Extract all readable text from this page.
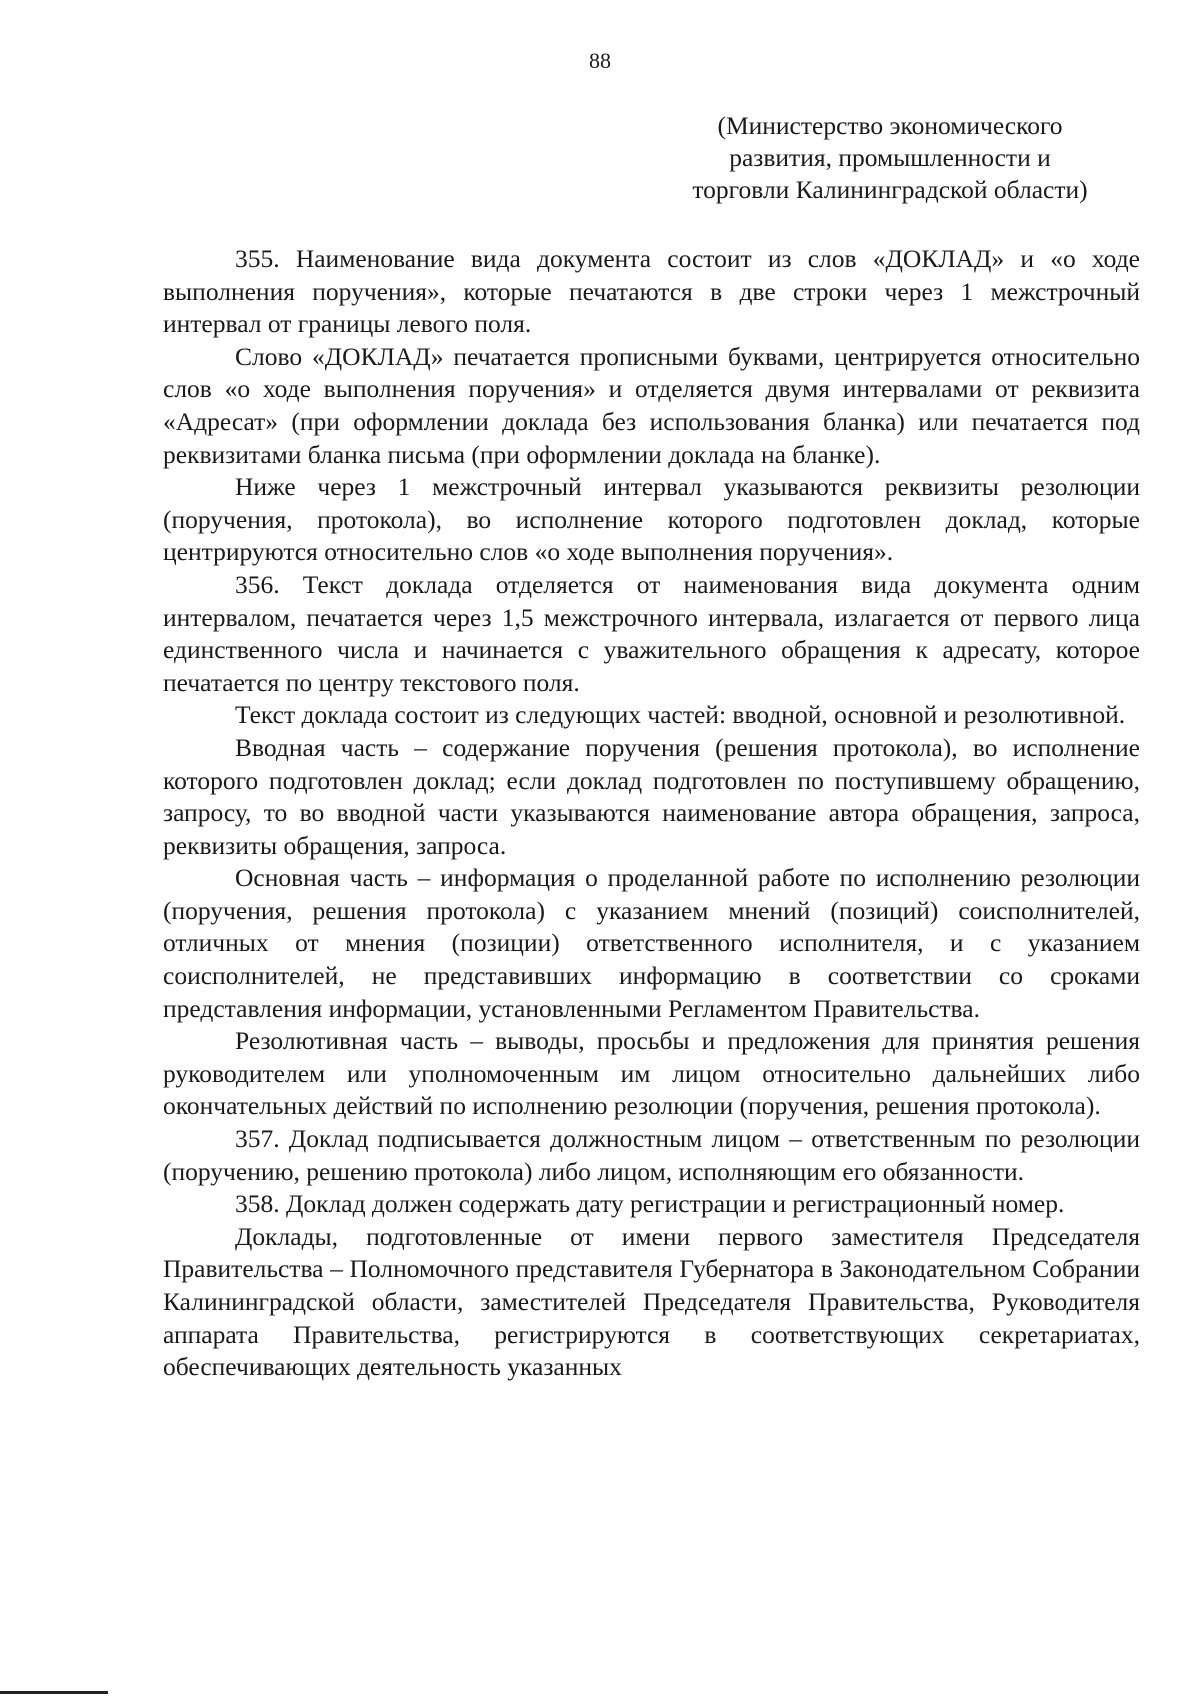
88
(Министерство экономического
развития, промышленности и
торговли Калининградской области)

355. Наименование вида документа состоит из слов «ДОКЛАД» и «о ходе выполнения поручения», которые печатаются в две строки через 1 межстрочный интервал от границы левого поля.

Слово «ДОКЛАД» печатается прописными буквами, центрируется относительно слов «о ходе выполнения поручения» и отделяется двумя интервалами от реквизита «Адресат» (при оформлении доклада без использования бланка) или печатается под реквизитами бланка письма (при оформлении доклада на бланке).

Ниже через 1 межстрочный интервал указываются реквизиты резолюции (поручения, протокола), во исполнение которого подготовлен доклад, которые центрируются относительно слов «о ходе выполнения поручения».

356. Текст доклада отделяется от наименования вида документа одним интервалом, печатается через 1,5 межстрочного интервала, излагается от первого лица единственного числа и начинается с уважительного обращения к адресату, которое печатается по центру текстового поля.

Текст доклада состоит из следующих частей: вводной, основной и резолютивной.

Вводная часть – содержание поручения (решения протокола), во исполнение которого подготовлен доклад; если доклад подготовлен по поступившему обращению, запросу, то во вводной части указываются наименование автора обращения, запроса, реквизиты обращения, запроса.

Основная часть – информация о проделанной работе по исполнению резолюции (поручения, решения протокола) с указанием мнений (позиций) соисполнителей, отличных от мнения (позиции) ответственного исполнителя, и с указанием соисполнителей, не представивших информацию в соответствии со сроками представления информации, установленными Регламентом Правительства.

Резолютивная часть – выводы, просьбы и предложения для принятия решения руководителем или уполномоченным им лицом относительно дальнейших либо окончательных действий по исполнению резолюции (поручения, решения протокола).

357. Доклад подписывается должностным лицом – ответственным по резолюции (поручению, решению протокола) либо лицом, исполняющим его обязанности.

358. Доклад должен содержать дату регистрации и регистрационный номер.

Доклады, подготовленные от имени первого заместителя Председателя Правительства – Полномочного представителя Губернатора в Законодательном Собрании Калининградской области, заместителей Председателя Правительства, Руководителя аппарата Правительства, регистрируются в соответствующих секретариатах, обеспечивающих деятельность указанных
